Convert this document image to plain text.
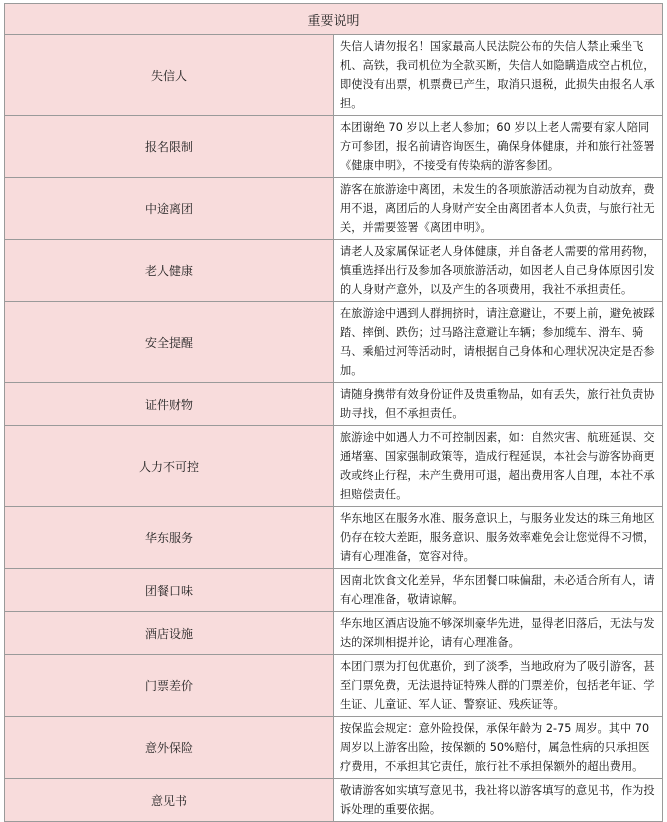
重要说明	
失信人	失信人请勿报名！国家最高人民法院公布的失信人禁止乘坐飞机、高铁，我司机位为全款买断，失信人如隐瞒造成空占机位，即使没有出票，机票费已产生，取消只退税，此损失由报名人承担。
报名限制	本团谢绝 70 岁以上老人参加；60 岁以上老人需要有家人陪同方可参团，报名前请咨询医生，确保身体健康，并和旅行社签署《健康申明》，不接受有传染病的游客参团。
中途离团	游客在旅游途中离团，未发生的各项旅游活动视为自动放弃，费用不退，离团后的人身财产安全由离团者本人负责，与旅行社无关，并需要签署《离团申明》。
老人健康	请老人及家属保证老人身体健康，并自备老人需要的常用药物，慎重选择出行及参加各项旅游活动，如因老人自己身体原因引发的人身财产意外，以及产生的各项费用，我社不承担责任。
安全提醒	在旅游途中遇到人群拥挤时，请注意避让，不要上前，避免被踩踏、摔倒、跌伤；过马路注意避让车辆；参加缆车、滑车、骑马、乘船过河等活动时，请根据自己身体和心理状况决定是否参加。
证件财物	请随身携带有效身份证件及贵重物品，如有丢失，旅行社负责协助寻找，但不承担责任。
人力不可控	旅游途中如遇人力不可控制因素，如：自然灾害、航班延误、交通堵塞、国家强制政策等，造成行程延误，本社会与游客协商更改或终止行程，未产生费用可退，超出费用客人自理，本社不承担赔偿责任。
华东服务	华东地区在服务水准、服务意识上，与服务业发达的珠三角地区仍存在较大差距，服务意识、服务效率难免会让您觉得不习惯，请有心理准备，宽容对待。
团餐口味	因南北饮食文化差异，华东团餐口味偏甜，未必适合所有人，请有心理准备，敬请谅解。
酒店设施	华东地区酒店设施不够深圳豪华先进，显得老旧落后，无法与发达的深圳相提并论，请有心理准备。
门票差价	本团门票为打包优惠价，到了淡季，当地政府为了吸引游客，甚至门票免费，无法退持证特殊人群的门票差价，包括老年证、学生证、儿童证、军人证、警察证、残疾证等。
意外保险	按保监会规定：意外险投保，承保年龄为 2-75 周岁。其中 70 周岁以上游客出险，按保额的 50%赔付，属急性病的只承担医疗费用，不承担其它责任，旅行社不承担保额外的超出费用。
意见书	敬请游客如实填写意见书，我社将以游客填写的意见书，作为投诉处理的重要依据。
